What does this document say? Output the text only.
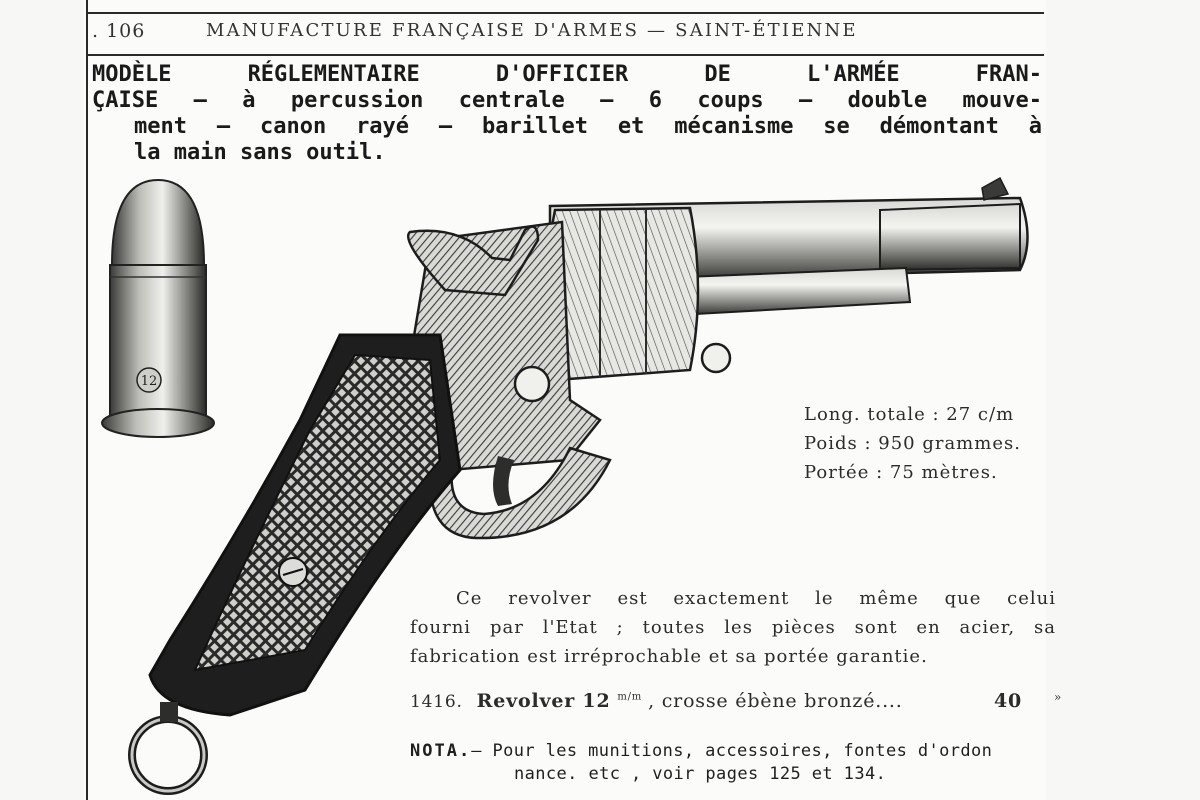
. 106	MANUFACTURE FRANÇAISE D'ARMES — SAINT-ÉTIENNE
MODÈLE RÉGLEMENTAIRE D'OFFICIER DE L'ARMÉE FRAN-
ÇAISE — à percussion centrale — 6 coups — double mouve-
ment — canon rayé — barillet et mécanisme se démontant à
la main sans outil.
12
Long. totale : 27 c/m
Poids : 950 grammes.
Portée : 75 mètres.
Ce revolver est exactement le même que celui
fourni par l'Etat ; toutes les pièces sont en acier, sa
fabrication est irréprochable et sa portée garantie.
1416. Revolver 12 $^{m/m}$ , crosse ébène bronzé....	40	»
NOTA.— Pour les munitions, accessoires, fontes d'ordon
nance. etc , voir pages 125 et 134.
